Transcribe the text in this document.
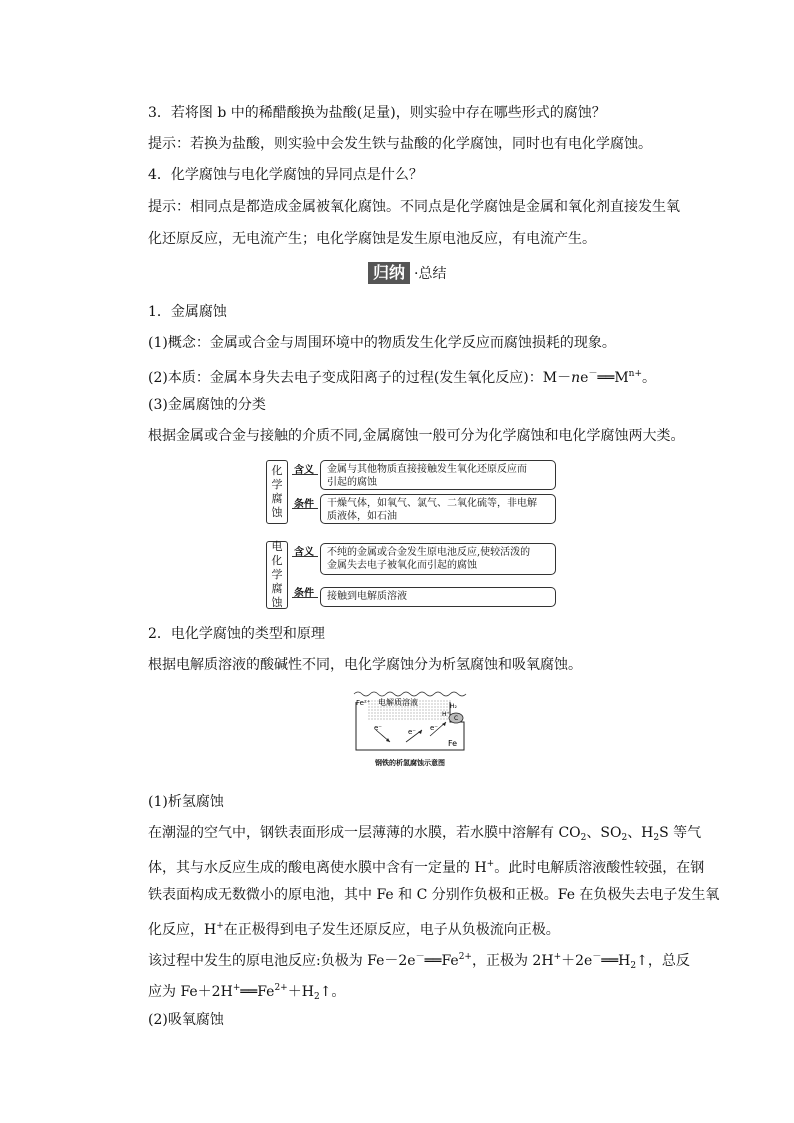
3．若将图 b 中的稀醋酸换为盐酸(足量)，则实验中存在哪些形式的腐蚀？
提示：若换为盐酸，则实验中会发生铁与盐酸的化学腐蚀，同时也有电化学腐蚀。
4．化学腐蚀与电化学腐蚀的异同点是什么？
提示：相同点是都造成金属被氧化腐蚀。不同点是化学腐蚀是金属和氧化剂直接发生氧
化还原反应，无电流产生；电化学腐蚀是发生原电池反应，有电流产生。
归纳 ·总结
1．金属腐蚀
(1)概念：金属或合金与周围环境中的物质发生化学反应而腐蚀损耗的现象。
(2)本质：金属本身失去电子变成阳离子的过程(发生氧化反应)：$M-ne^-══M^{n+}$。
(3)金属腐蚀的分类
根据金属或合金与接触的介质不同,金属腐蚀一般可分为化学腐蚀和电化学腐蚀两大类。
化
学
腐
蚀
含义 金属与其他物质直接接触发生氧化还原反应而
引起的腐蚀
条件 干燥气体，如氧气、氯气、二氧化硫等，非电解
质液体，如石油
电
化
学
腐
蚀
含义 不纯的金属或合金发生原电池反应,使较活泼的
金属失去电子被氧化而引起的腐蚀
条件 接触到电解质溶液
2．电化学腐蚀的类型和原理
根据电解质溶液的酸碱性不同，电化学腐蚀分为析氢腐蚀和吸氧腐蚀。
Fe²⁺ 电解质溶液	H₂
H⁺
C
e⁻	e⁻ e⁻
Fe
钢铁的析氢腐蚀示意图
(1)析氢腐蚀
在潮湿的空气中，钢铁表面形成一层薄薄的水膜，若水膜中溶解有 $CO_2$、$SO_2$、$H_2S$ 等气
体，其与水反应生成的酸电离使水膜中含有一定量的 H+。此时电解质溶液酸性较强，在钢
铁表面构成无数微小的原电池，其中 Fe 和 C 分别作负极和正极。Fe 在负极失去电子发生氧
化反应，H+在正极得到电子发生还原反应，电子从负极流向正极。
该过程中发生的原电池反应:负极为 $Fe-2e^-══Fe^{2+}$，正极为 $2H^++2e^-══H_2↑$，总反
应为 $Fe+2H^+══Fe^{2+}+H_2↑$。
(2)吸氧腐蚀
